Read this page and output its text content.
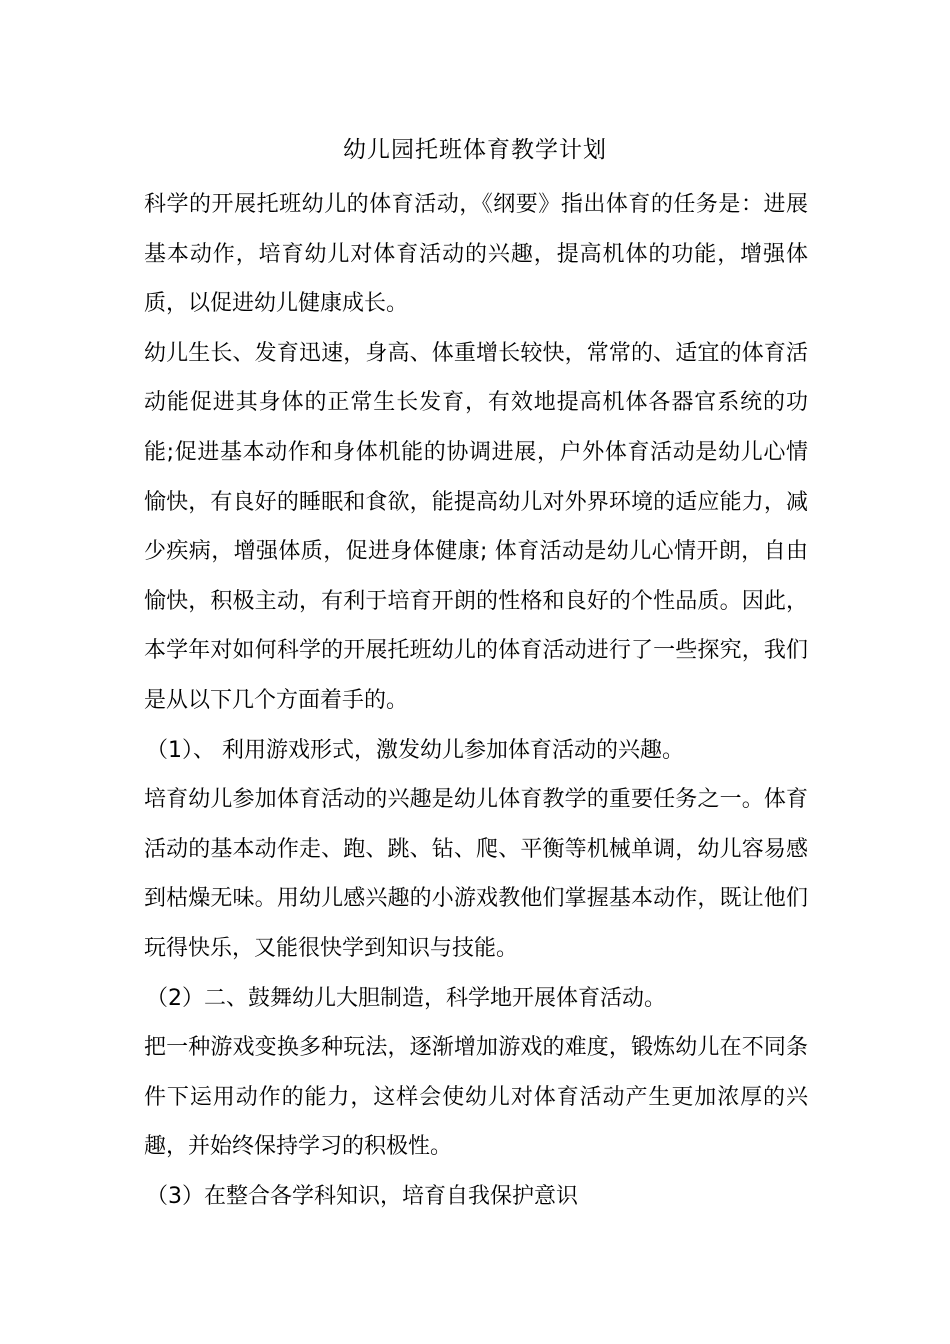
幼儿园托班体育教学计划

科学的开展托班幼儿的体育活动，《纲要》指出体育的任务是：进展基本动作，培育幼儿对体育活动的兴趣，提高机体的功能，增强体质，以促进幼儿健康成长。

幼儿生长、发育迅速，身高、体重增长较快，常常的、适宜的体育活动能促进其身体的正常生长发育，有效地提高机体各器官系统的功能;促进基本动作和身体机能的协调进展，户外体育活动是幼儿心情愉快，有良好的睡眠和食欲，能提高幼儿对外界环境的适应能力，减少疾病，增强体质，促进身体健康; 体育活动是幼儿心情开朗，自由愉快，积极主动，有利于培育开朗的性格和良好的个性品质。因此，本学年对如何科学的开展托班幼儿的体育活动进行了一些探究，我们是从以下几个方面着手的。

（1）、 利用游戏形式，激发幼儿参加体育活动的兴趣。

培育幼儿参加体育活动的兴趣是幼儿体育教学的重要任务之一。体育活动的基本动作走、跑、跳、钻、爬、平衡等机械单调，幼儿容易感到枯燥无味。用幼儿感兴趣的小游戏教他们掌握基本动作，既让他们玩得快乐，又能很快学到知识与技能。

（2）二、鼓舞幼儿大胆制造，科学地开展体育活动。

把一种游戏变换多种玩法，逐渐增加游戏的难度，锻炼幼儿在不同条件下运用动作的能力，这样会使幼儿对体育活动产生更加浓厚的兴趣，并始终保持学习的积极性。

（3）在整合各学科知识，培育自我保护意识
